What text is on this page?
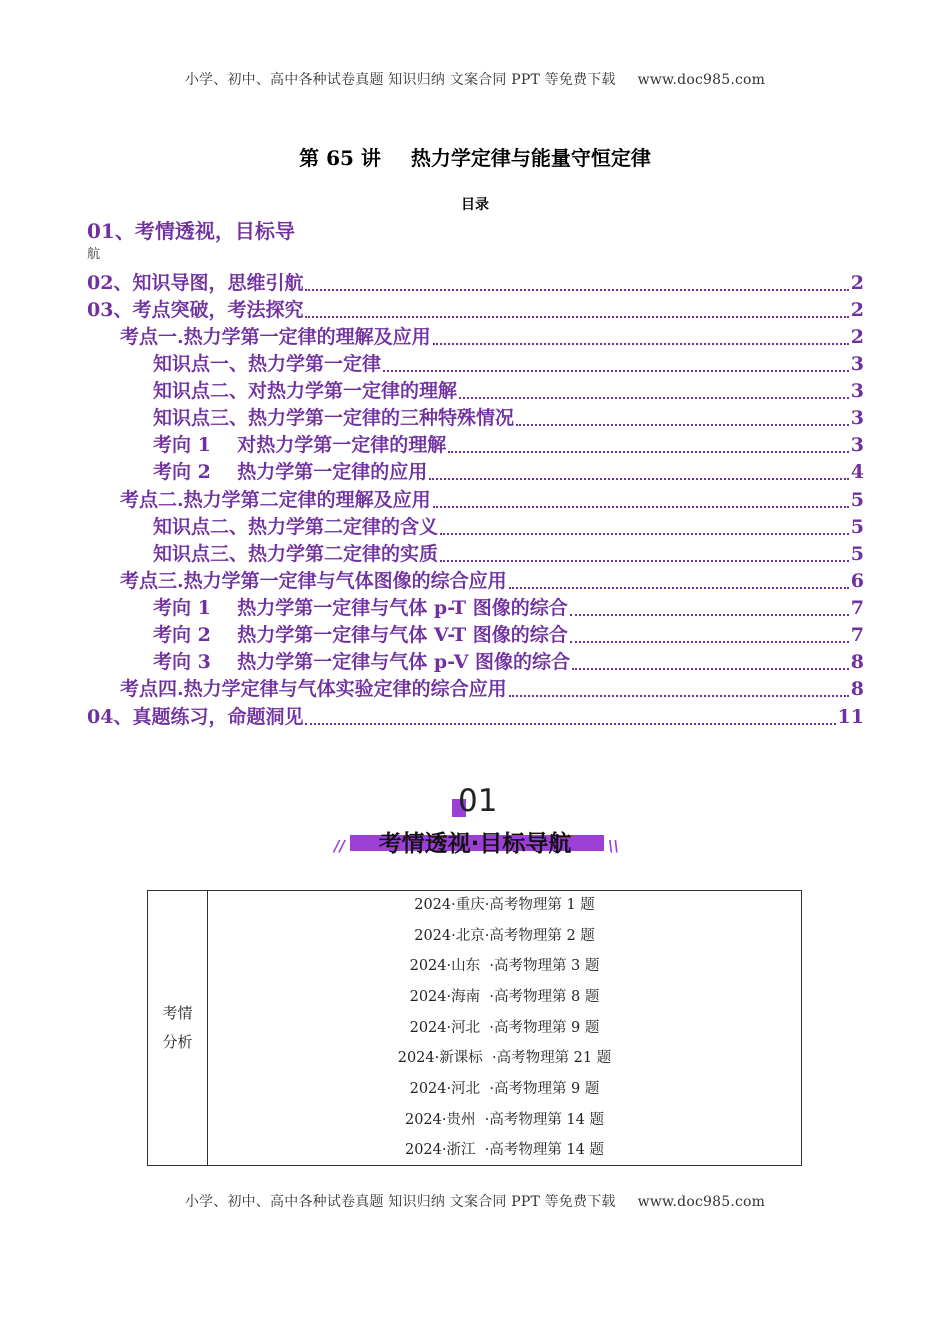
小学、初中、高中各种试卷真题 知识归纳 文案合同 PPT 等免费下载 www.doc985.com
第 65 讲 热力学定律与能量守恒定律
目录
01、考情透视，目标导
航
02、知识导图，思维引航	2
03、考点突破，考法探究	2
考点一.热力学第一定律的理解及应用	2
知识点一、热力学第一定律	3
知识点二、对热力学第一定律的理解	3
知识点三、热力学第一定律的三种特殊情况	3
考向 1    对热力学第一定律的理解	3
考向 2    热力学第一定律的应用	4
考点二.热力学第二定律的理解及应用	5
知识点二、热力学第二定律的含义	5
知识点三、热力学第二定律的实质	5
考点三.热力学第一定律与气体图像的综合应用	6
考向 1    热力学第一定律与气体 p-T 图像的综合	7
考向 2    热力学第一定律与气体 V-T 图像的综合	7
考向 3    热力学第一定律与气体 p-V 图像的综合	8
考点四.热力学定律与气体实验定律的综合应用	8
04、真题练习，命题洞见	11
01
//	\\
考情透视·目标导航
考情
分析
2024·重庆·高考物理第 1 题
2024·北京·高考物理第 2 题
2024·山东  ·高考物理第 3 题
2024·海南  ·高考物理第 8 题
2024·河北  ·高考物理第 9 题
2024·新课标  ·高考物理第 21 题
2024·河北  ·高考物理第 9 题
2024·贵州  ·高考物理第 14 题
2024·浙江  ·高考物理第 14 题
小学、初中、高中各种试卷真题 知识归纳 文案合同 PPT 等免费下载 www.doc985.com
